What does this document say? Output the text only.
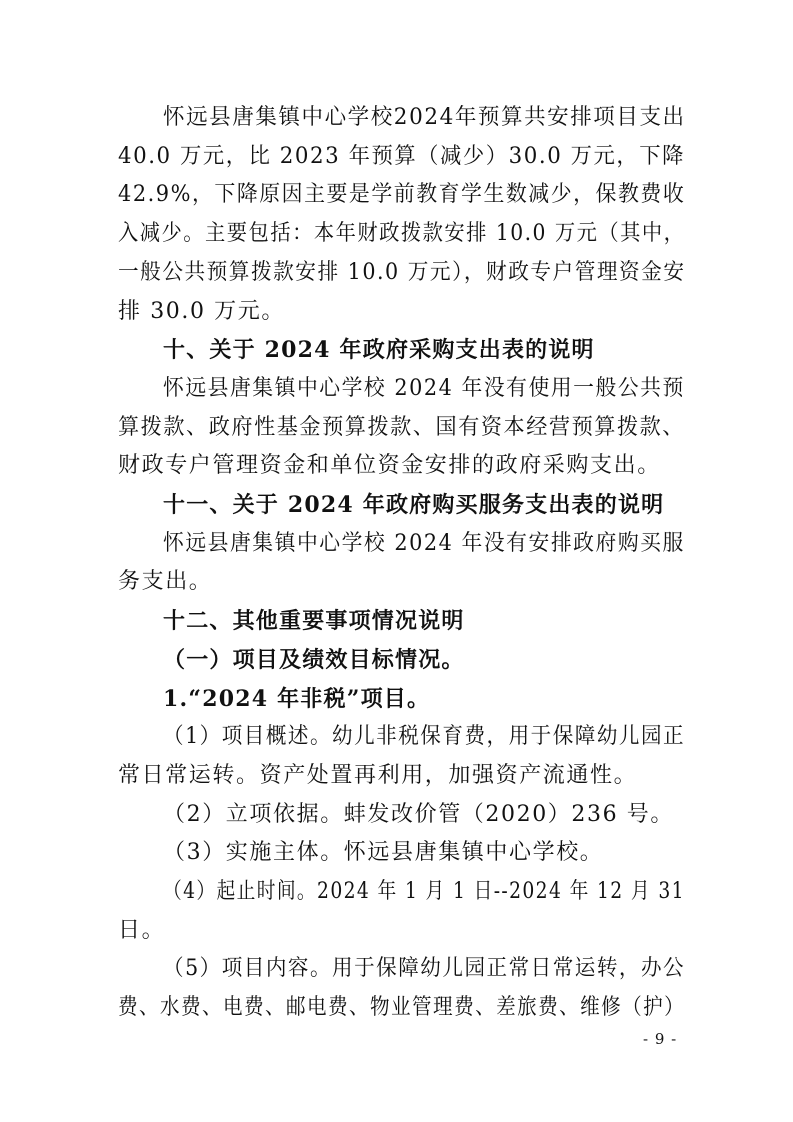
怀远县唐集镇中心学校2024年预算共安排项目支出
40.0 万元，比 2023 年预算（减少）30.0 万元，下降
42.9%，下降原因主要是学前教育学生数减少，保教费收
入减少。主要包括：本年财政拨款安排 10.0 万元（其中，
一般公共预算拨款安排 10.0 万元），财政专户管理资金安
排 30.0 万元。
十、关于 2024 年政府采购支出表的说明
怀远县唐集镇中心学校 2024 年没有使用一般公共预
算拨款、政府性基金预算拨款、国有资本经营预算拨款、
财政专户管理资金和单位资金安排的政府采购支出。
十一、关于 2024 年政府购买服务支出表的说明
怀远县唐集镇中心学校 2024 年没有安排政府购买服
务支出。
十二、其他重要事项情况说明
（一）项目及绩效目标情况。
1.“2024 年非税”项目。
（1）项目概述。幼儿非税保育费，用于保障幼儿园正
常日常运转。资产处置再利用，加强资产流通性。
（2）立项依据。蚌发改价管（2020）236 号。
（3）实施主体。怀远县唐集镇中心学校。
（4）起止时间。2024 年 1 月 1 日--2024 年 12 月 31
日。
- 9 -
（5）项目内容。用于保障幼儿园正常日常运转，办公
费、水费、电费、邮电费、物业管理费、差旅费、维修（护）
